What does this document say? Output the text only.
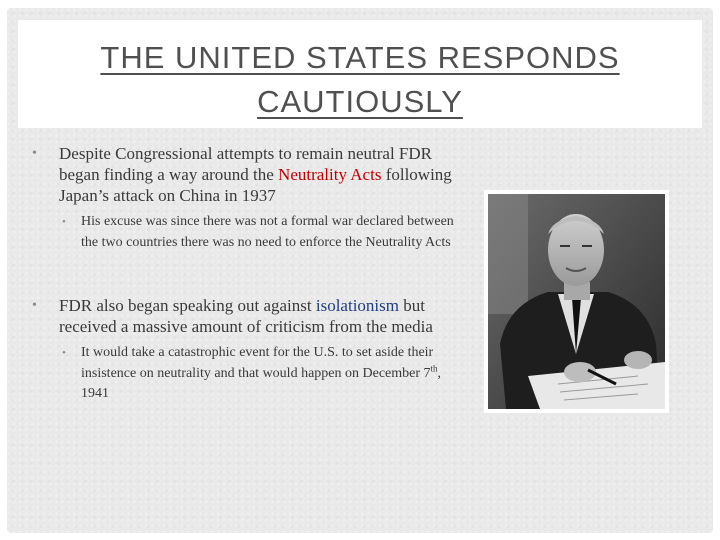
THE UNITED STATES RESPONDS CAUTIOUSLY
• Despite Congressional attempts to remain neutral FDR began finding a way around the Neutrality Acts following Japan’s attack on China in 1937
• His excuse was since there was not a formal war declared between the two countries there was no need to enforce the Neutrality Acts
• FDR also began speaking out against isolationism but received a massive amount of criticism from the media
• It would take a catastrophic event for the U.S. to set aside their insistence on neutrality and that would happen on December 7th, 1941
